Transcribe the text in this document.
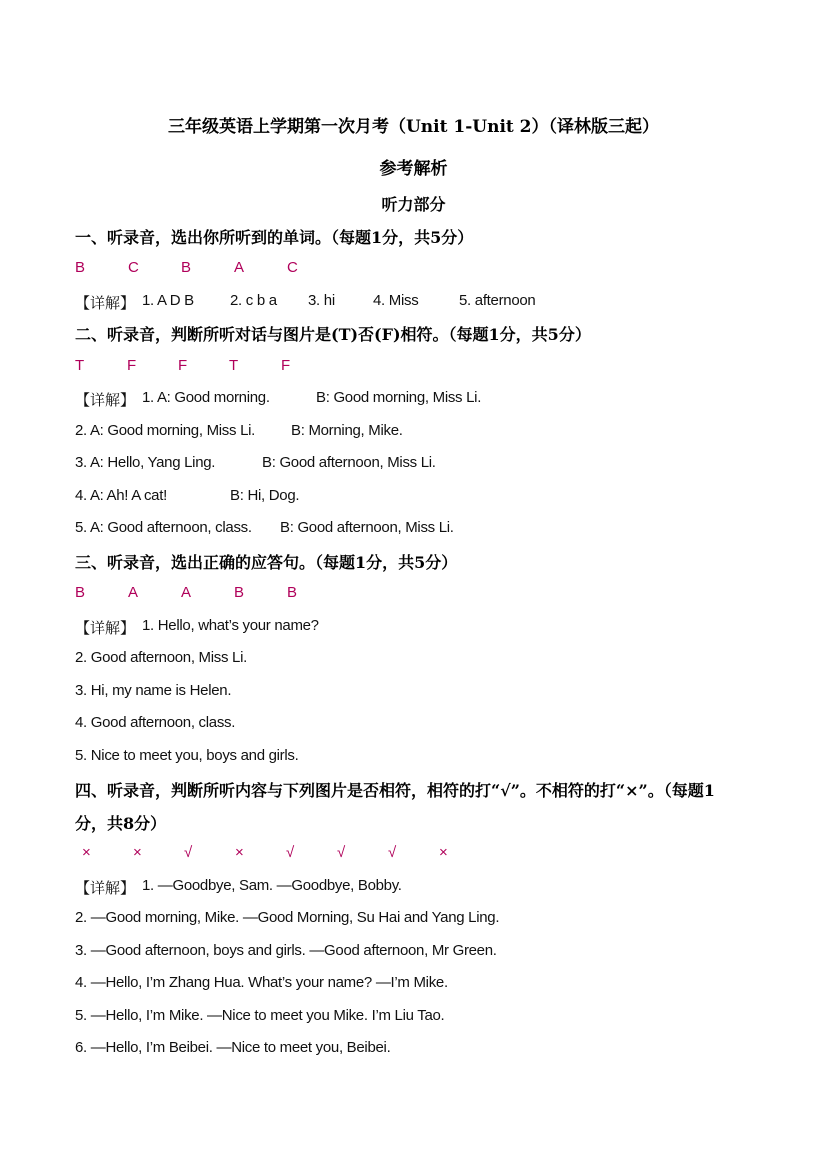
三年级英语上学期第一次月考（Unit 1-Unit 2）（译林版三起）
参考解析
听力部分
一、听录音，选出你所听到的单词。（每题1分，共5分）
B	C	B	A	C
【详解】 1. A D B 2. c b a 3. hi	4. Miss	5. afternoon
二、听录音，判断所听对话与图片是(T)否(F)相符。（每题1分，共5分）
T	F	F	T	F
【详解】 1. A: Good morning.	B: Good morning, Miss Li.
2. A: Good morning, Miss Li. B: Morning, Mike.
3. A: Hello, Yang Ling.	B: Good afternoon, Miss Li.
4. A: Ah! A cat!	B: Hi, Dog.
5. A: Good afternoon, class. B: Good afternoon, Miss Li.
三、听录音，选出正确的应答句。（每题1分，共5分）
B	A	A	B	B
【详解】 1. Hello, what’s your name?
2. Good afternoon, Miss Li.
3. Hi, my name is Helen.
4. Good afternoon, class.
5. Nice to meet you, boys and girls.
四、听录音，判断所听内容与下列图片是否相符，相符的打“√”。不相符的打“×”。（每题1
分，共8分）
×	×	√	×	√	√	√	×
【详解】 1. —Goodbye, Sam. —Goodbye, Bobby.
2. —Good morning, Mike. —Good Morning, Su Hai and Yang Ling.
3. —Good afternoon, boys and girls. —Good afternoon, Mr Green.
4. —Hello, I’m Zhang Hua. What’s your name? —I’m Mike.
5. —Hello, I’m Mike. —Nice to meet you Mike. I’m Liu Tao.
6. —Hello, I’m Beibei. —Nice to meet you, Beibei.
